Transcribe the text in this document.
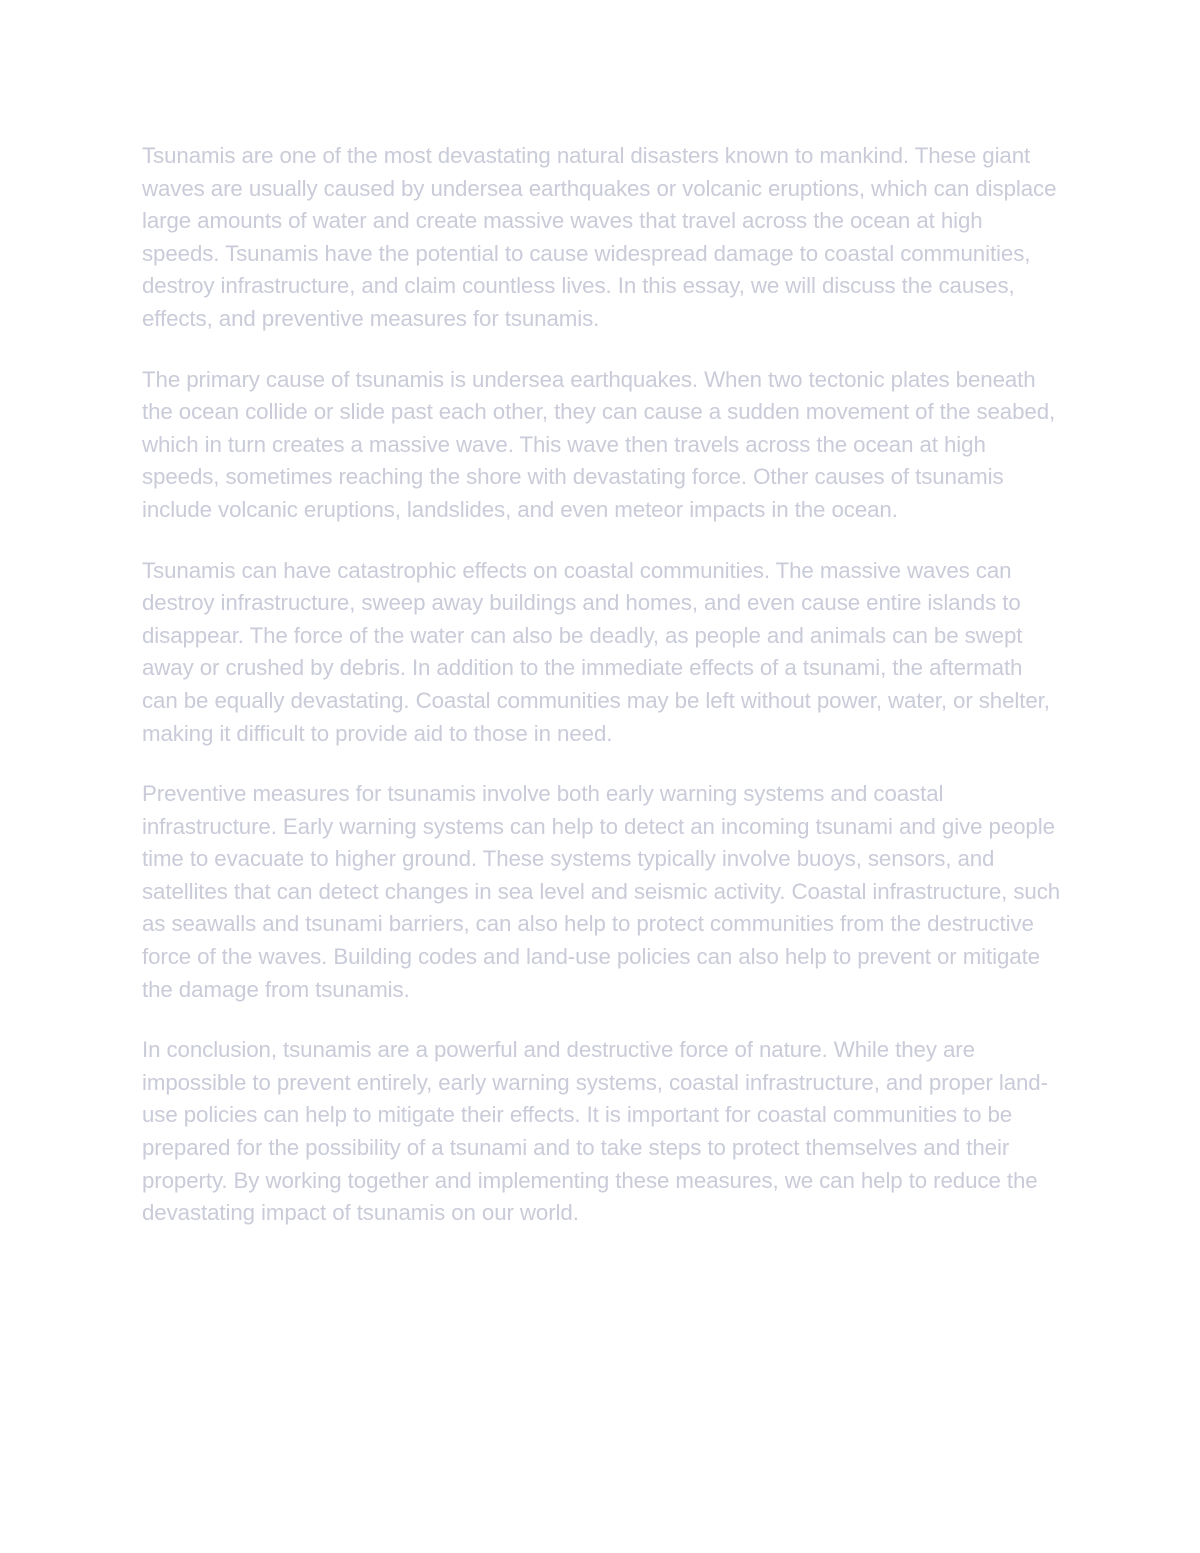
Tsunamis are one of the most devastating natural disasters known to mankind. These giant waves are usually caused by undersea earthquakes or volcanic eruptions, which can displace large amounts of water and create massive waves that travel across the ocean at high speeds. Tsunamis have the potential to cause widespread damage to coastal communities, destroy infrastructure, and claim countless lives. In this essay, we will discuss the causes, effects, and preventive measures for tsunamis.

The primary cause of tsunamis is undersea earthquakes. When two tectonic plates beneath the ocean collide or slide past each other, they can cause a sudden movement of the seabed, which in turn creates a massive wave. This wave then travels across the ocean at high speeds, sometimes reaching the shore with devastating force. Other causes of tsunamis include volcanic eruptions, landslides, and even meteor impacts in the ocean.

Tsunamis can have catastrophic effects on coastal communities. The massive waves can destroy infrastructure, sweep away buildings and homes, and even cause entire islands to disappear. The force of the water can also be deadly, as people and animals can be swept away or crushed by debris. In addition to the immediate effects of a tsunami, the aftermath can be equally devastating. Coastal communities may be left without power, water, or shelter, making it difficult to provide aid to those in need.

Preventive measures for tsunamis involve both early warning systems and coastal infrastructure. Early warning systems can help to detect an incoming tsunami and give people time to evacuate to higher ground. These systems typically involve buoys, sensors, and satellites that can detect changes in sea level and seismic activity. Coastal infrastructure, such as seawalls and tsunami barriers, can also help to protect communities from the destructive force of the waves. Building codes and land-use policies can also help to prevent or mitigate the damage from tsunamis.

In conclusion, tsunamis are a powerful and destructive force of nature. While they are impossible to prevent entirely, early warning systems, coastal infrastructure, and proper land-use policies can help to mitigate their effects. It is important for coastal communities to be prepared for the possibility of a tsunami and to take steps to protect themselves and their property. By working together and implementing these measures, we can help to reduce the devastating impact of tsunamis on our world.
